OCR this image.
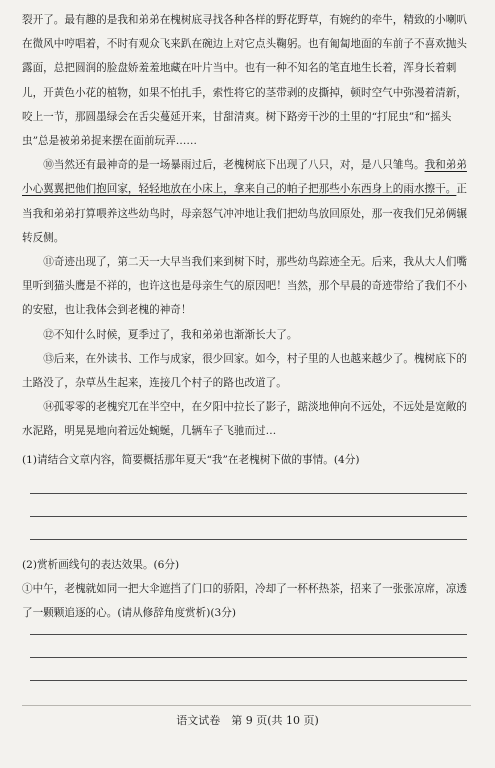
裂开了。最有趣的是我和弟弟在槐树底寻找各种各样的野花野草，有婉约的牵牛，精致的小喇叭在微风中哼唱着，不时有观众飞来趴在碗边上对它点头鞠躬。也有匍匐地面的车前子不喜欢抛头露面，总把圆润的脸盘娇羞羞地藏在叶片当中。也有一种不知名的笔直地生长着，浑身长着刺儿，开黄色小花的植物，如果不怕扎手，索性将它的茎带剥的皮撕掉，顿时空气中弥漫着清新，咬上一节，那圆墨绿会在舌尖蔓延开来，甘甜清爽。树下路旁干沙的土里的“打屁虫”和“摇头虫”总是被弟弟捉来摆在面前玩弄……

⑩当然还有最神奇的是一场暴雨过后，老槐树底下出现了八只，对，是八只雏鸟。我和弟弟小心翼翼把他们抱回家，轻轻地放在小床上，拿来自己的帕子把那些小东西身上的雨水擦干。正当我和弟弟打算喂养这些幼鸟时，母亲怒气冲冲地让我们把幼鸟放回原处，那一夜我们兄弟俩辗转反侧。

⑪奇迹出现了，第二天一大早当我们来到树下时，那些幼鸟踪迹全无。后来，我从大人们嘴里听到猫头鹰是不祥的，也许这也是母亲生气的原因吧！当然，那个早晨的奇迹带给了我们不小的安慰，也让我体会到老槐的神奇！

⑫不知什么时候，夏季过了，我和弟弟也渐渐长大了。

⑬后来，在外读书、工作与成家，很少回家。如今，村子里的人也越来越少了。槐树底下的土路没了，杂草丛生起来，连接几个村子的路也改道了。

⑭孤零零的老槐究兀在半空中，在夕阳中拉长了影子，踮淡地伸向不远处，不远处是宽敞的水泥路，明晃晃地向着远处蜿蜒，几辆车子飞驰而过…

(1)请结合文章内容，简要概括那年夏天“我”在老槐树下做的事情。(4分)

(2)赏析画线句的表达效果。(6分)

①中午，老槐就如同一把大伞遮挡了门口的骄阳，冷却了一杯杯热茶，招来了一张张凉席，凉透了一颗颗追逐的心。(请从修辞角度赏析)(3分)

语文试卷　第 9 页(共 10 页)
